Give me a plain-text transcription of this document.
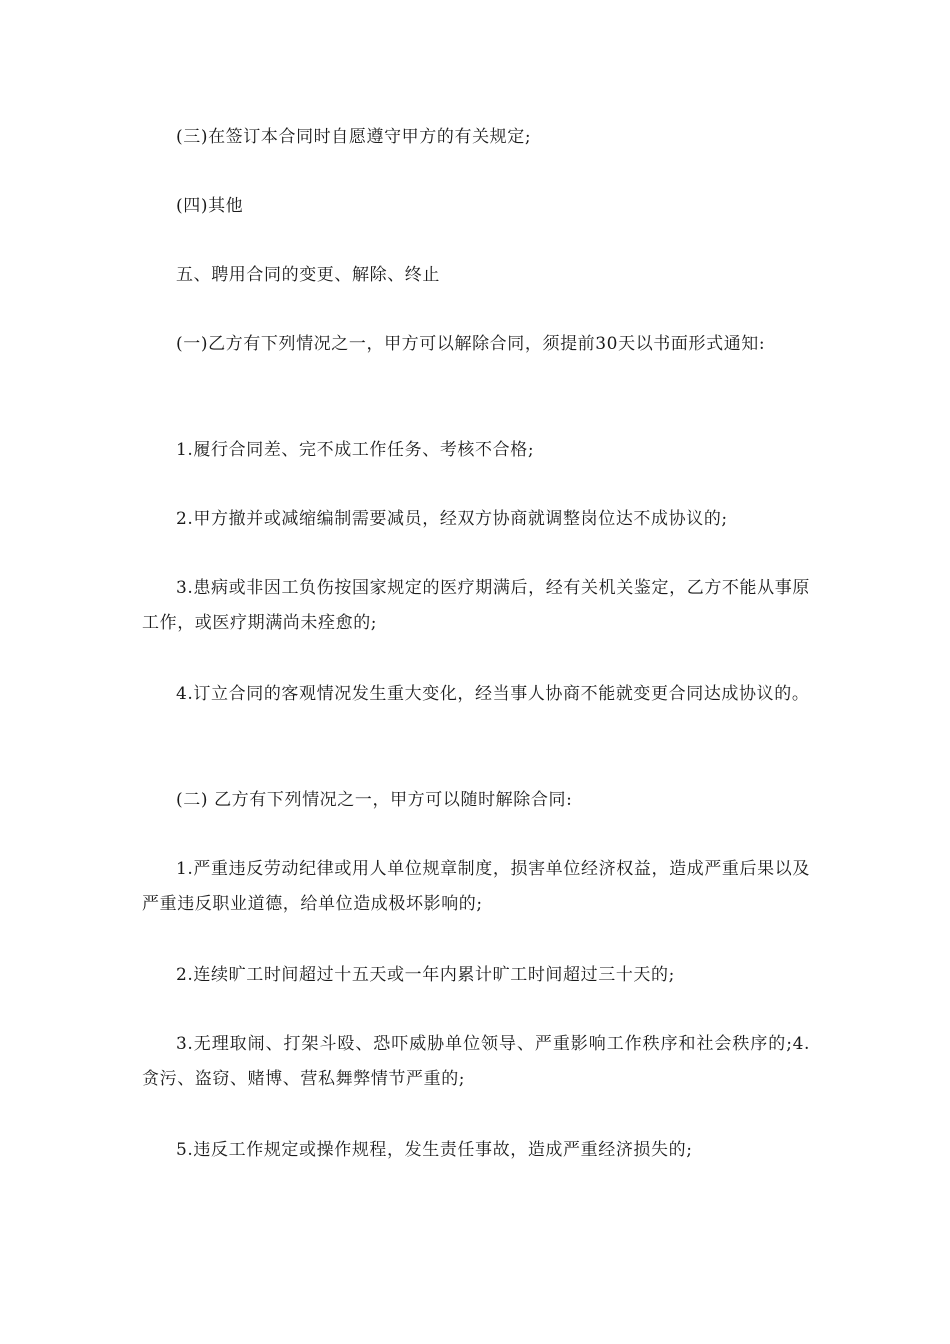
(三)在签订本合同时自愿遵守甲方的有关规定;

(四)其他

五、聘用合同的变更、解除、终止

(一)乙方有下列情况之一，甲方可以解除合同，须提前30天以书面形式通知:

1.履行合同差、完不成工作任务、考核不合格;

2.甲方撤并或减缩编制需要减员，经双方协商就调整岗位达不成协议的;

3.患病或非因工负伤按国家规定的医疗期满后，经有关机关鉴定，乙方不能从事原工作，或医疗期满尚未痊愈的;

4.订立合同的客观情况发生重大变化，经当事人协商不能就变更合同达成协议的。

(二) 乙方有下列情况之一，甲方可以随时解除合同:

1.严重违反劳动纪律或用人单位规章制度，损害单位经济权益，造成严重后果以及严重违反职业道德，给单位造成极坏影响的;

2.连续旷工时间超过十五天或一年内累计旷工时间超过三十天的;

3.无理取闹、打架斗殴、恐吓威胁单位领导、严重影响工作秩序和社会秩序的;4.贪污、盗窃、赌博、营私舞弊情节严重的;

5.违反工作规定或操作规程，发生责任事故，造成严重经济损失的;
